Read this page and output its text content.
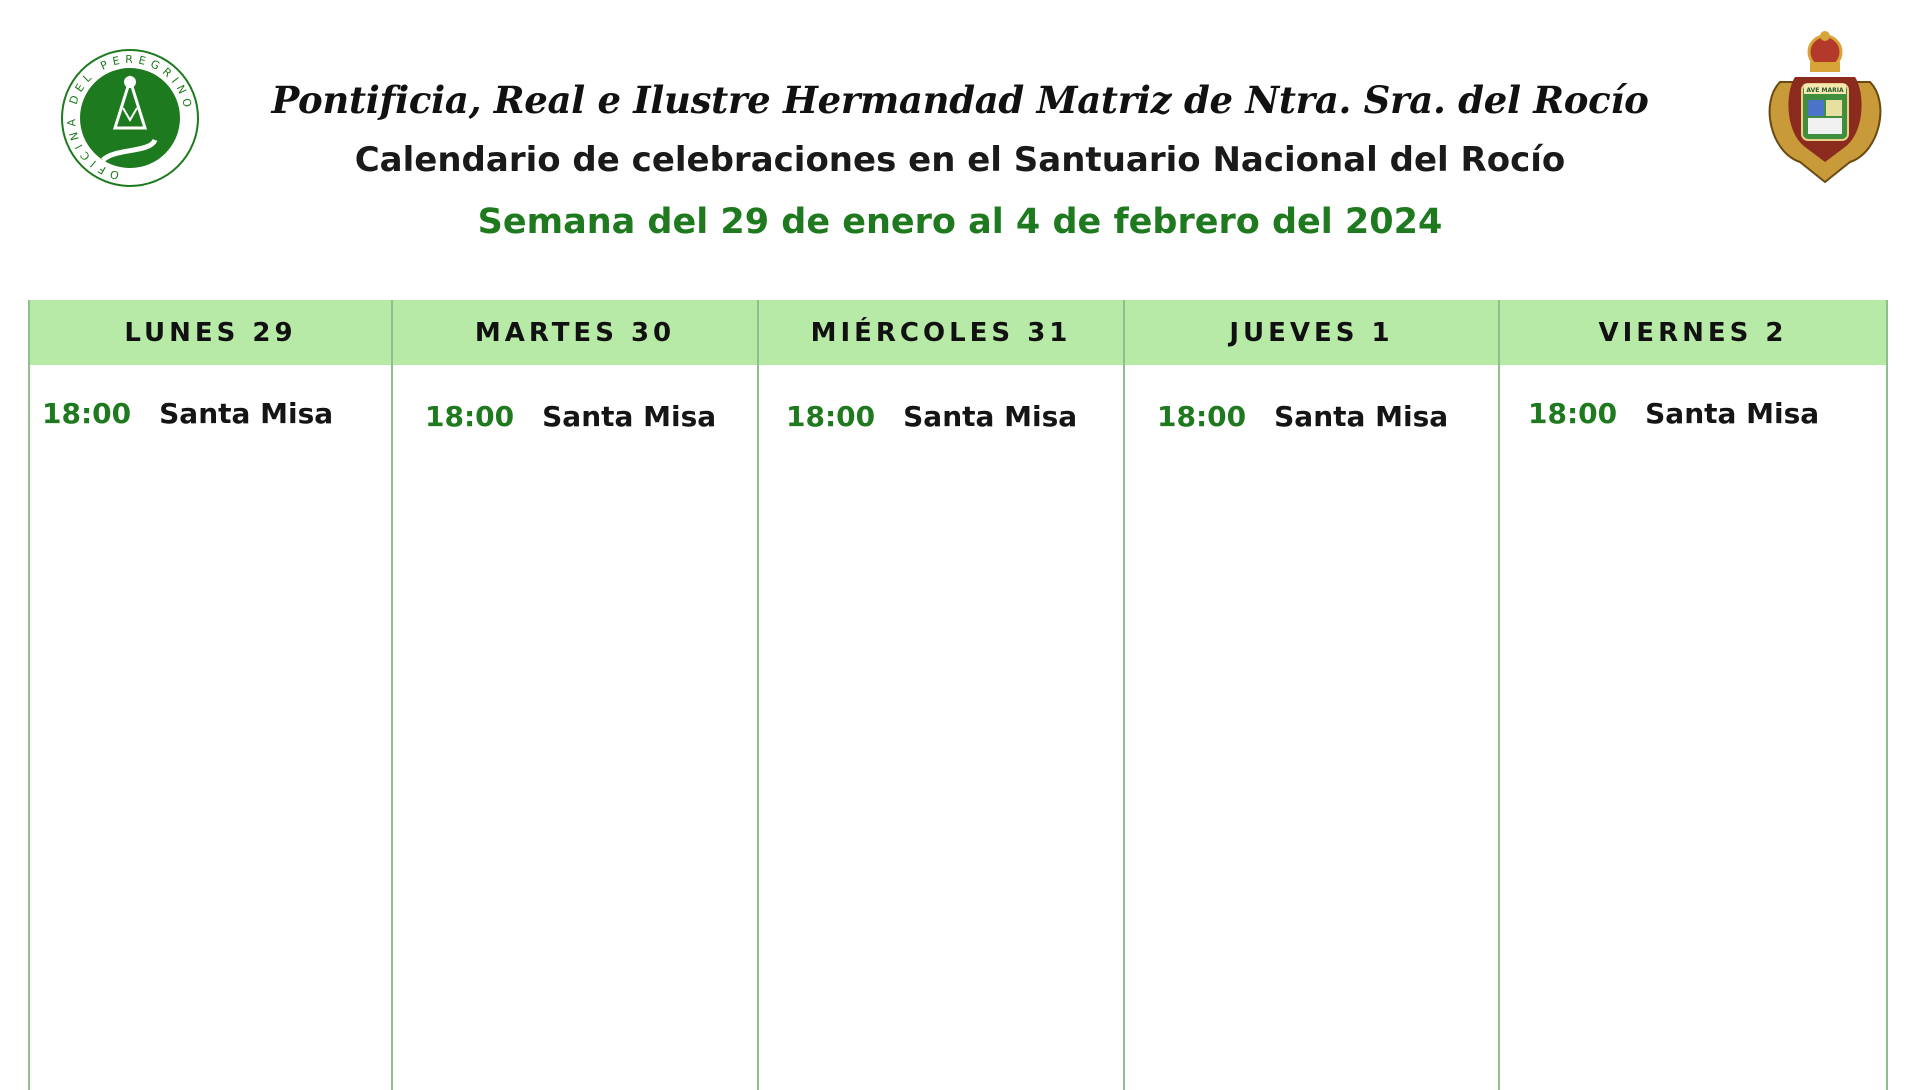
OFICINA DEL PEREGRINO
AVE MARIA
Pontificia, Real e Ilustre Hermandad Matriz de Ntra. Sra. del Rocío
Calendario de celebraciones en el Santuario Nacional del Rocío
Semana del 29 de enero al 4 de febrero del 2024
LUNES 29
18:00 Santa Misa
MARTES 30
18:00 Santa Misa
MIÉRCOLES 31
18:00 Santa Misa
JUEVES 1
18:00 Santa Misa
VIERNES 2
18:00 Santa Misa
